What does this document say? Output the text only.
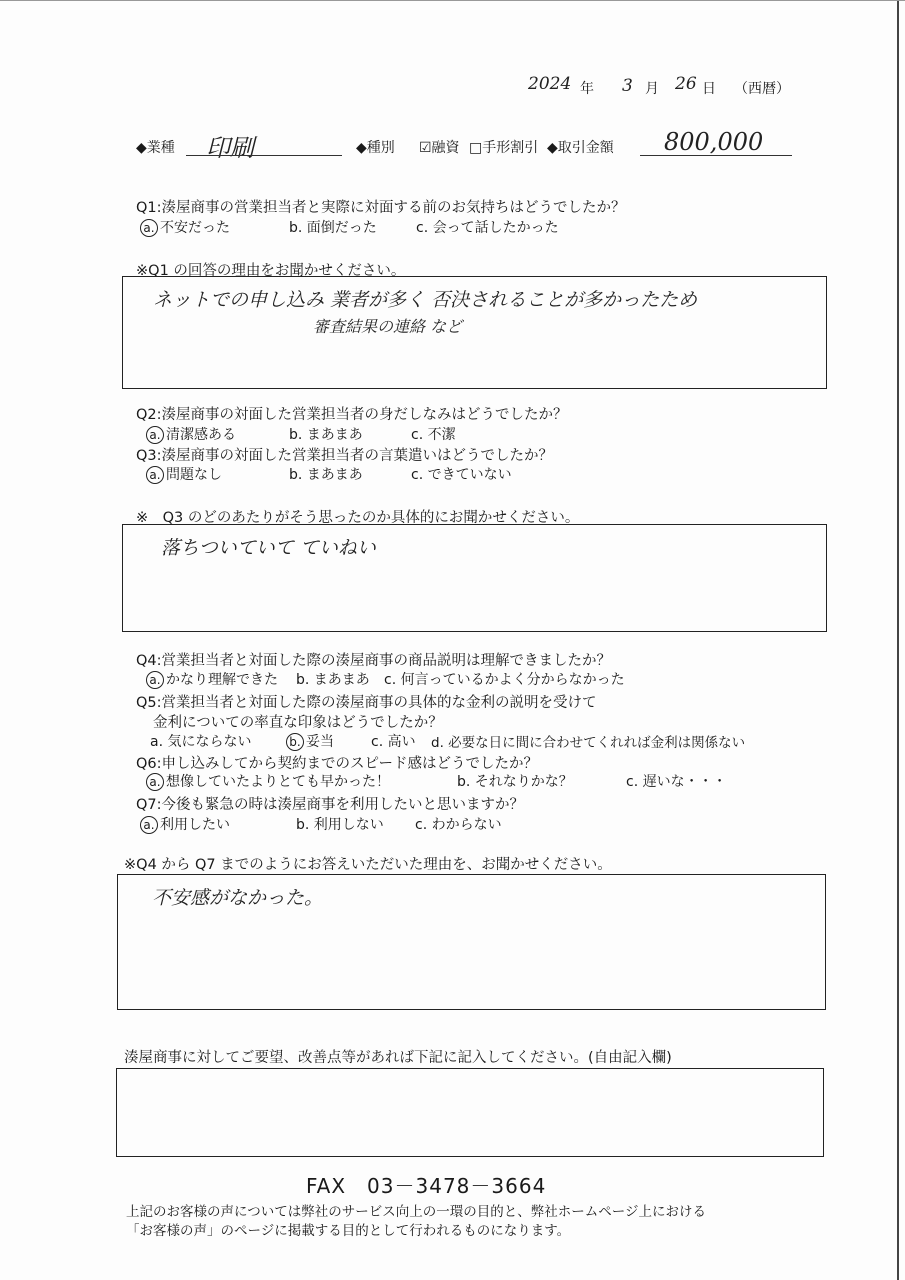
2024 年 3 月 26 日 （西暦）
◆業種 印刷	◆種別 ☑融資 □手形割引 ◆取引金額 800,000
Q1:湊屋商事の営業担当者と実際に対面する前のお気持ちはどうでしたか？
a. 不安だった	b. 面倒だった	c. 会って話したかった
※Q1 の回答の理由をお聞かせください。
ネットでの申し込み 業者が多く 否決されることが多かったため
審査結果の連絡 など
Q2:湊屋商事の対面した営業担当者の身だしなみはどうでしたか？
a. 清潔感ある	b. まあまあ	c. 不潔
Q3:湊屋商事の対面した営業担当者の言葉遣いはどうでしたか？
a. 問題なし	b. まあまあ	c. できていない
※　Q3 のどのあたりがそう思ったのか具体的にお聞かせください。
落ちついていて ていねい
Q4:営業担当者と対面した際の湊屋商事の商品説明は理解できましたか？
a. かなり理解できた b. まあまあ c. 何言っているかよく分からなかった
Q5:営業担当者と対面した際の湊屋商事の具体的な金利の説明を受けて
金利についての率直な印象はどうでしたか？
a. 気にならない	b. 妥当	c. 高い d. 必要な日に間に合わせてくれれば金利は関係ない
Q6:申し込みしてから契約までのスピード感はどうでしたか？
a. 想像していたよりとても早かった！	b. それなりかな？	c. 遅いな・・・
Q7:今後も緊急の時は湊屋商事を利用したいと思いますか？
a. 利用したい	b. 利用しない c. わからない
※Q4 から Q7 までのようにお答えいただいた理由を、お聞かせください。
不安感がなかった。
湊屋商事に対してご要望、改善点等があれば下記に記入してください。(自由記入欄)
FAX　03－3478－3664
上記のお客様の声については弊社のサービス向上の一環の目的と、弊社ホームページ上における
「お客様の声」のページに掲載する目的として行われるものになります。
